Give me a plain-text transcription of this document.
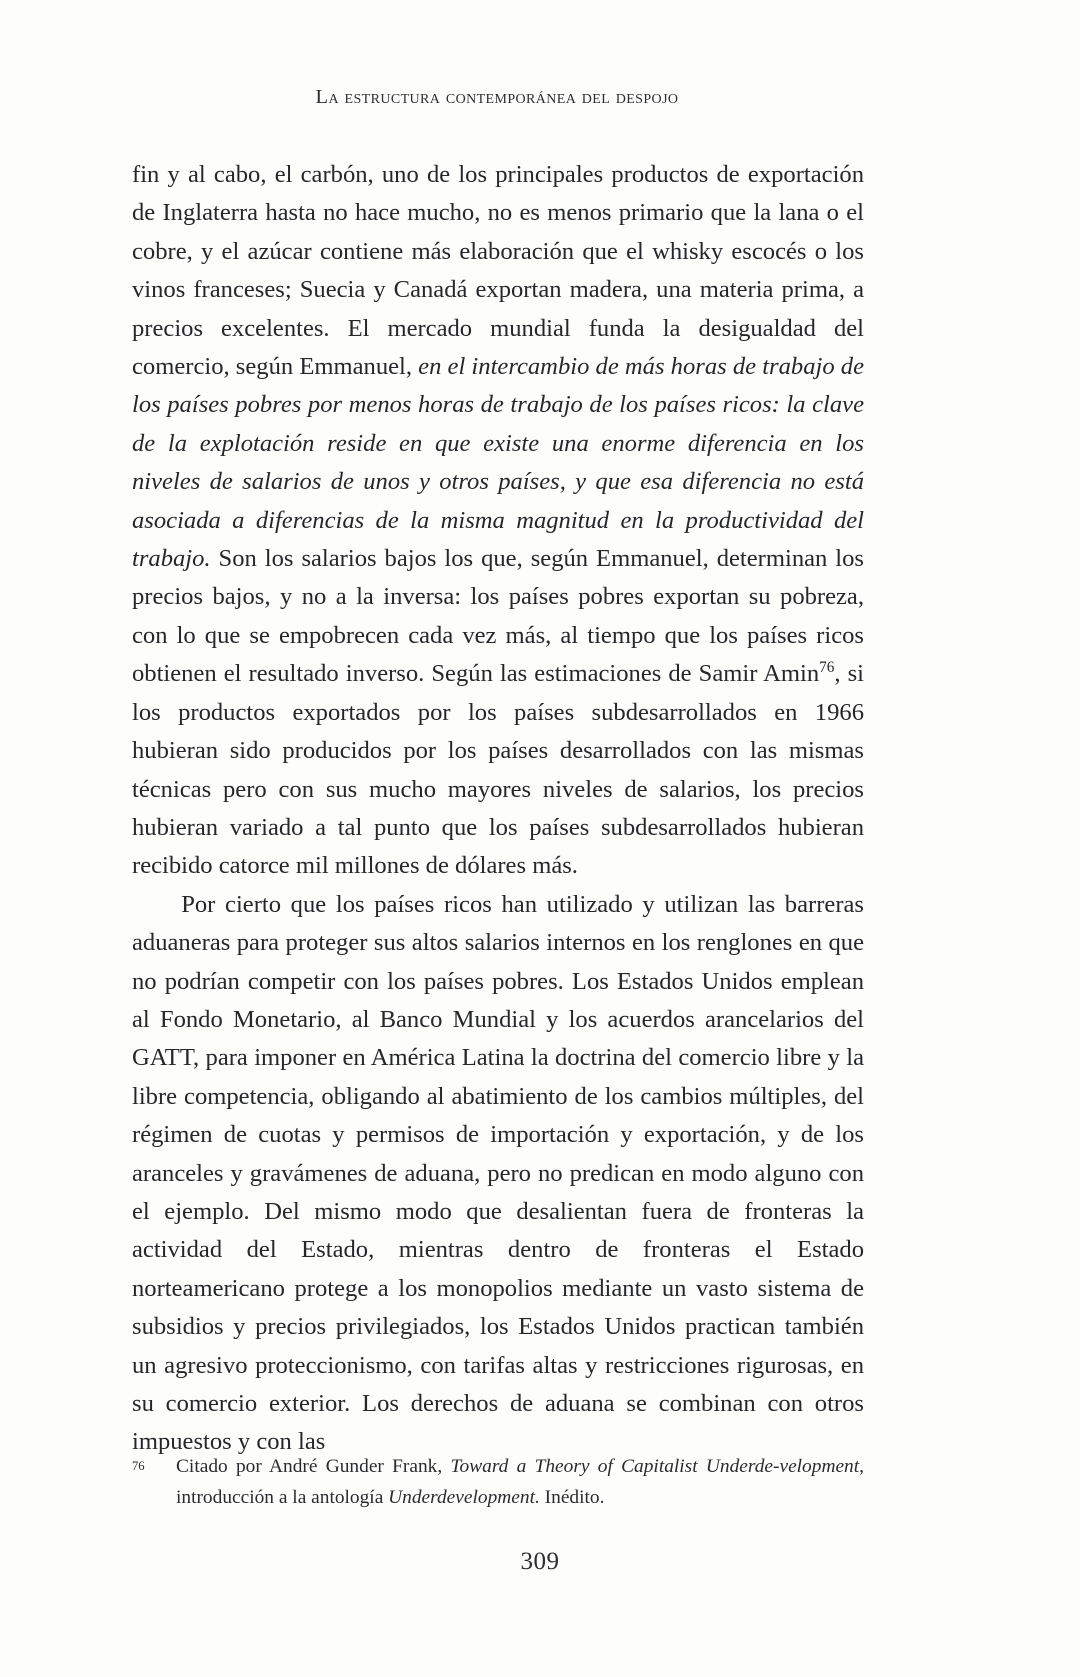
La estructura contemporánea del despojo

fin y al cabo, el carbón, uno de los principales productos de exportación de Inglaterra hasta no hace mucho, no es menos primario que la lana o el cobre, y el azúcar contiene más elaboración que el whisky escocés o los vinos franceses; Suecia y Canadá exportan madera, una materia prima, a precios excelentes. El mercado mundial funda la desigualdad del comercio, según Emmanuel, en el intercambio de más horas de trabajo de los países pobres por menos horas de trabajo de los países ricos: la clave de la explotación reside en que existe una enorme diferencia en los niveles de salarios de unos y otros países, y que esa diferencia no está asociada a diferencias de la misma magnitud en la productividad del trabajo. Son los salarios bajos los que, según Emmanuel, determinan los precios bajos, y no a la inversa: los países pobres exportan su pobreza, con lo que se empobrecen cada vez más, al tiempo que los países ricos obtienen el resultado inverso. Según las estimaciones de Samir Amin$^{76}$, si los productos exportados por los países subdesarrollados en 1966 hubieran sido producidos por los países desarrollados con las mismas técnicas pero con sus mucho mayores niveles de salarios, los precios hubieran variado a tal punto que los países subdesarrollados hubieran recibido catorce mil millones de dólares más.

Por cierto que los países ricos han utilizado y utilizan las barreras aduaneras para proteger sus altos salarios internos en los renglones en que no podrían competir con los países pobres. Los Estados Unidos emplean al Fondo Monetario, al Banco Mundial y los acuerdos arancelarios del GATT, para imponer en América Latina la doctrina del comercio libre y la libre competencia, obligando al abatimiento de los cambios múltiples, del régimen de cuotas y permisos de importación y exportación, y de los aranceles y gravámenes de aduana, pero no predican en modo alguno con el ejemplo. Del mismo modo que desalientan fuera de fronteras la actividad del Estado, mientras dentro de fronteras el Estado norteamericano protege a los monopolios mediante un vasto sistema de subsidios y precios privilegiados, los Estados Unidos practican también un agresivo proteccionismo, con tarifas altas y restricciones rigurosas, en su comercio exterior. Los derechos de aduana se combinan con otros impuestos y con las

76	Citado por André Gunder Frank, Toward a Theory of Capitalist Underde-velopment, introducción a la antología Underdevelopment. Inédito.
309
